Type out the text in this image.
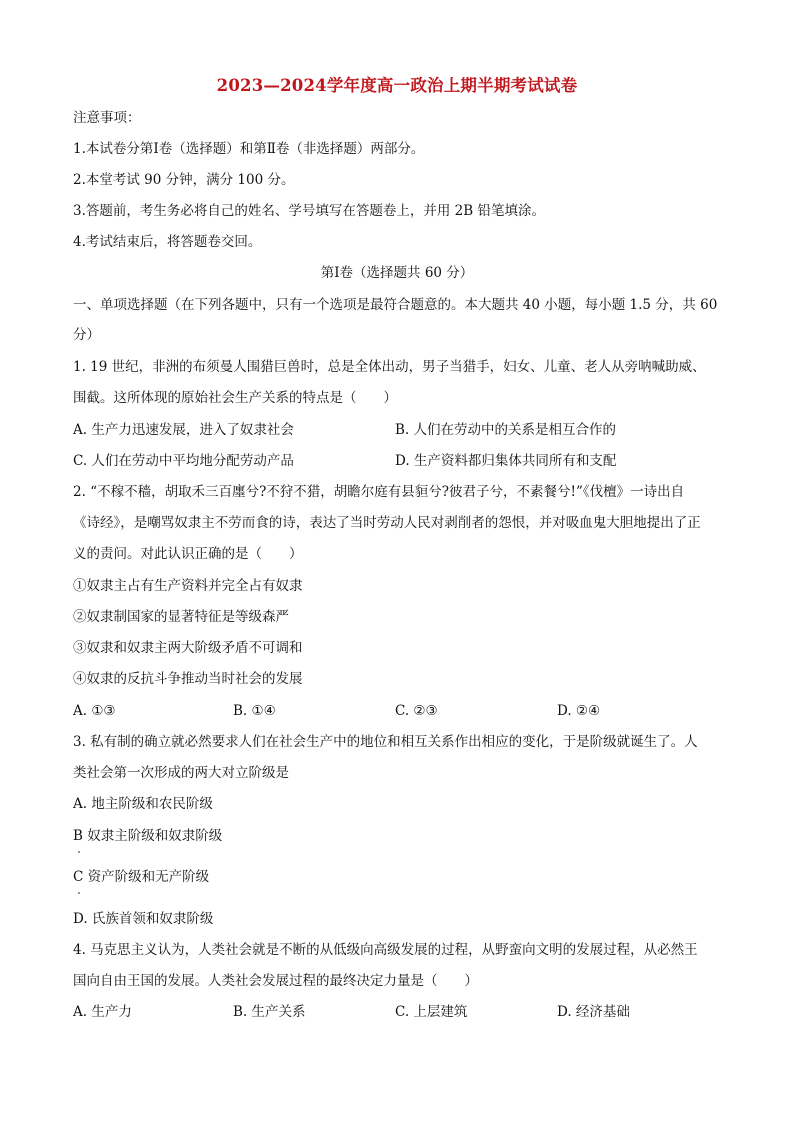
2023—2024学年度高一政治上期半期考试试卷
注意事项：
1.本试卷分第Ⅰ卷（选择题）和第Ⅱ卷（非选择题）两部分。
2.本堂考试 90 分钟，满分 100 分。
3.答题前，考生务必将自己的姓名、学号填写在答题卷上，并用 2B 铅笔填涂。
4.考试结束后，将答题卷交回。
第Ⅰ卷（选择题共 60 分）
一、单项选择题（在下列各题中，只有一个选项是最符合题意的。本大题共 40 小题，每小题 1.5 分，共 60
分）
1. 19 世纪，非洲的布须曼人围猎巨兽时，总是全体出动，男子当猎手，妇女、儿童、老人从旁呐喊助威、
围截。这所体现的原始社会生产关系的特点是（　　）
A. 生产力迅速发展，进入了奴隶社会	B. 人们在劳动中的关系是相互合作的
C. 人们在劳动中平均地分配劳动产品	D. 生产资料都归集体共同所有和支配
2. “不稼不穑，胡取禾三百廛兮?不狩不猎，胡瞻尔庭有县貆兮?彼君子兮，不素餐兮!”《伐檀》一诗出自
《诗经》，是嘲骂奴隶主不劳而食的诗，表达了当时劳动人民对剥削者的怨恨，并对吸血鬼大胆地提出了正
义的责问。对此认识正确的是（　　）
①奴隶主占有生产资料并完全占有奴隶
②奴隶制国家的显著特征是等级森严
③奴隶和奴隶主两大阶级矛盾不可调和
④奴隶的反抗斗争推动当时社会的发展
A. ①③	B. ①④	C. ②③	D. ②④
3. 私有制的确立就必然要求人们在社会生产中的地位和相互关系作出相应的变化，于是阶级就诞生了。人
类社会第一次形成的两大对立阶级是
A. 地主阶级和农民阶级
B 奴隶主阶级和奴隶阶级
C 资产阶级和无产阶级
D. 氏族首领和奴隶阶级
4. 马克思主义认为，人类社会就是不断的从低级向高级发展的过程，从野蛮向文明的发展过程，从必然王
国向自由王国的发展。人类社会发展过程的最终决定力量是（　　）
A. 生产力	B. 生产关系	C. 上层建筑	D. 经济基础
